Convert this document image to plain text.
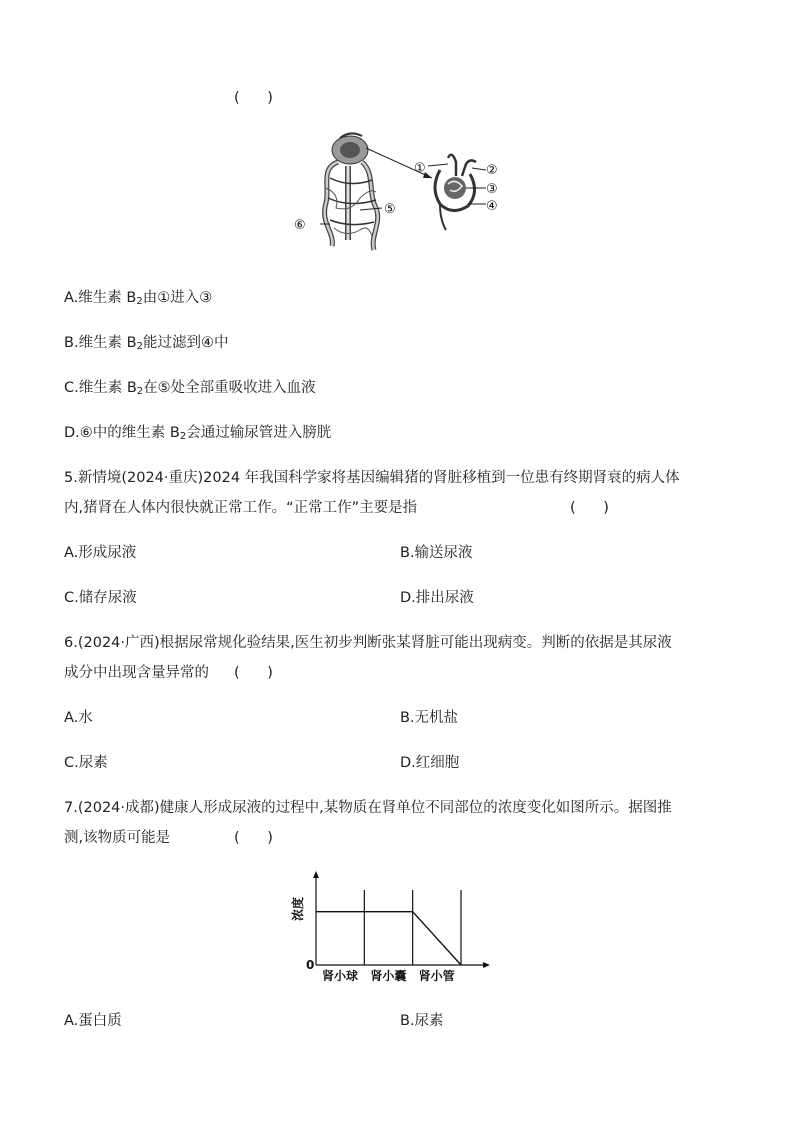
(      )
①	②
③
④
⑤
⑥
A.维生素 $B_2$由①进入③
B.维生素 $B_2$能过滤到④中
C.维生素 $B_2$在⑤处全部重吸收进入血液
D.⑥中的维生素 $B_2$会通过输尿管进入膀胱
5.新情境(2024·重庆)2024 年我国科学家将基因编辑猪的肾脏移植到一位患有终期肾衰的病人体
内,猪肾在人体内很快就正常工作。“正常工作”主要是指	(      )
A.形成尿液	B.输送尿液
C.储存尿液	D.排出尿液
6.(2024·广西)根据尿常规化验结果,医生初步判断张某肾脏可能出现病变。判断的依据是其尿液
成分中出现含量异常的 (      )
A.水	B.无机盐
C.尿素	D.红细胞
7.(2024·成都)健康人形成尿液的过程中,某物质在肾单位不同部位的浓度变化如图所示。据图推
测,该物质可能是	(      )
肾小球 肾小囊 肾小管
0
浓度
A.蛋白质	B.尿素
